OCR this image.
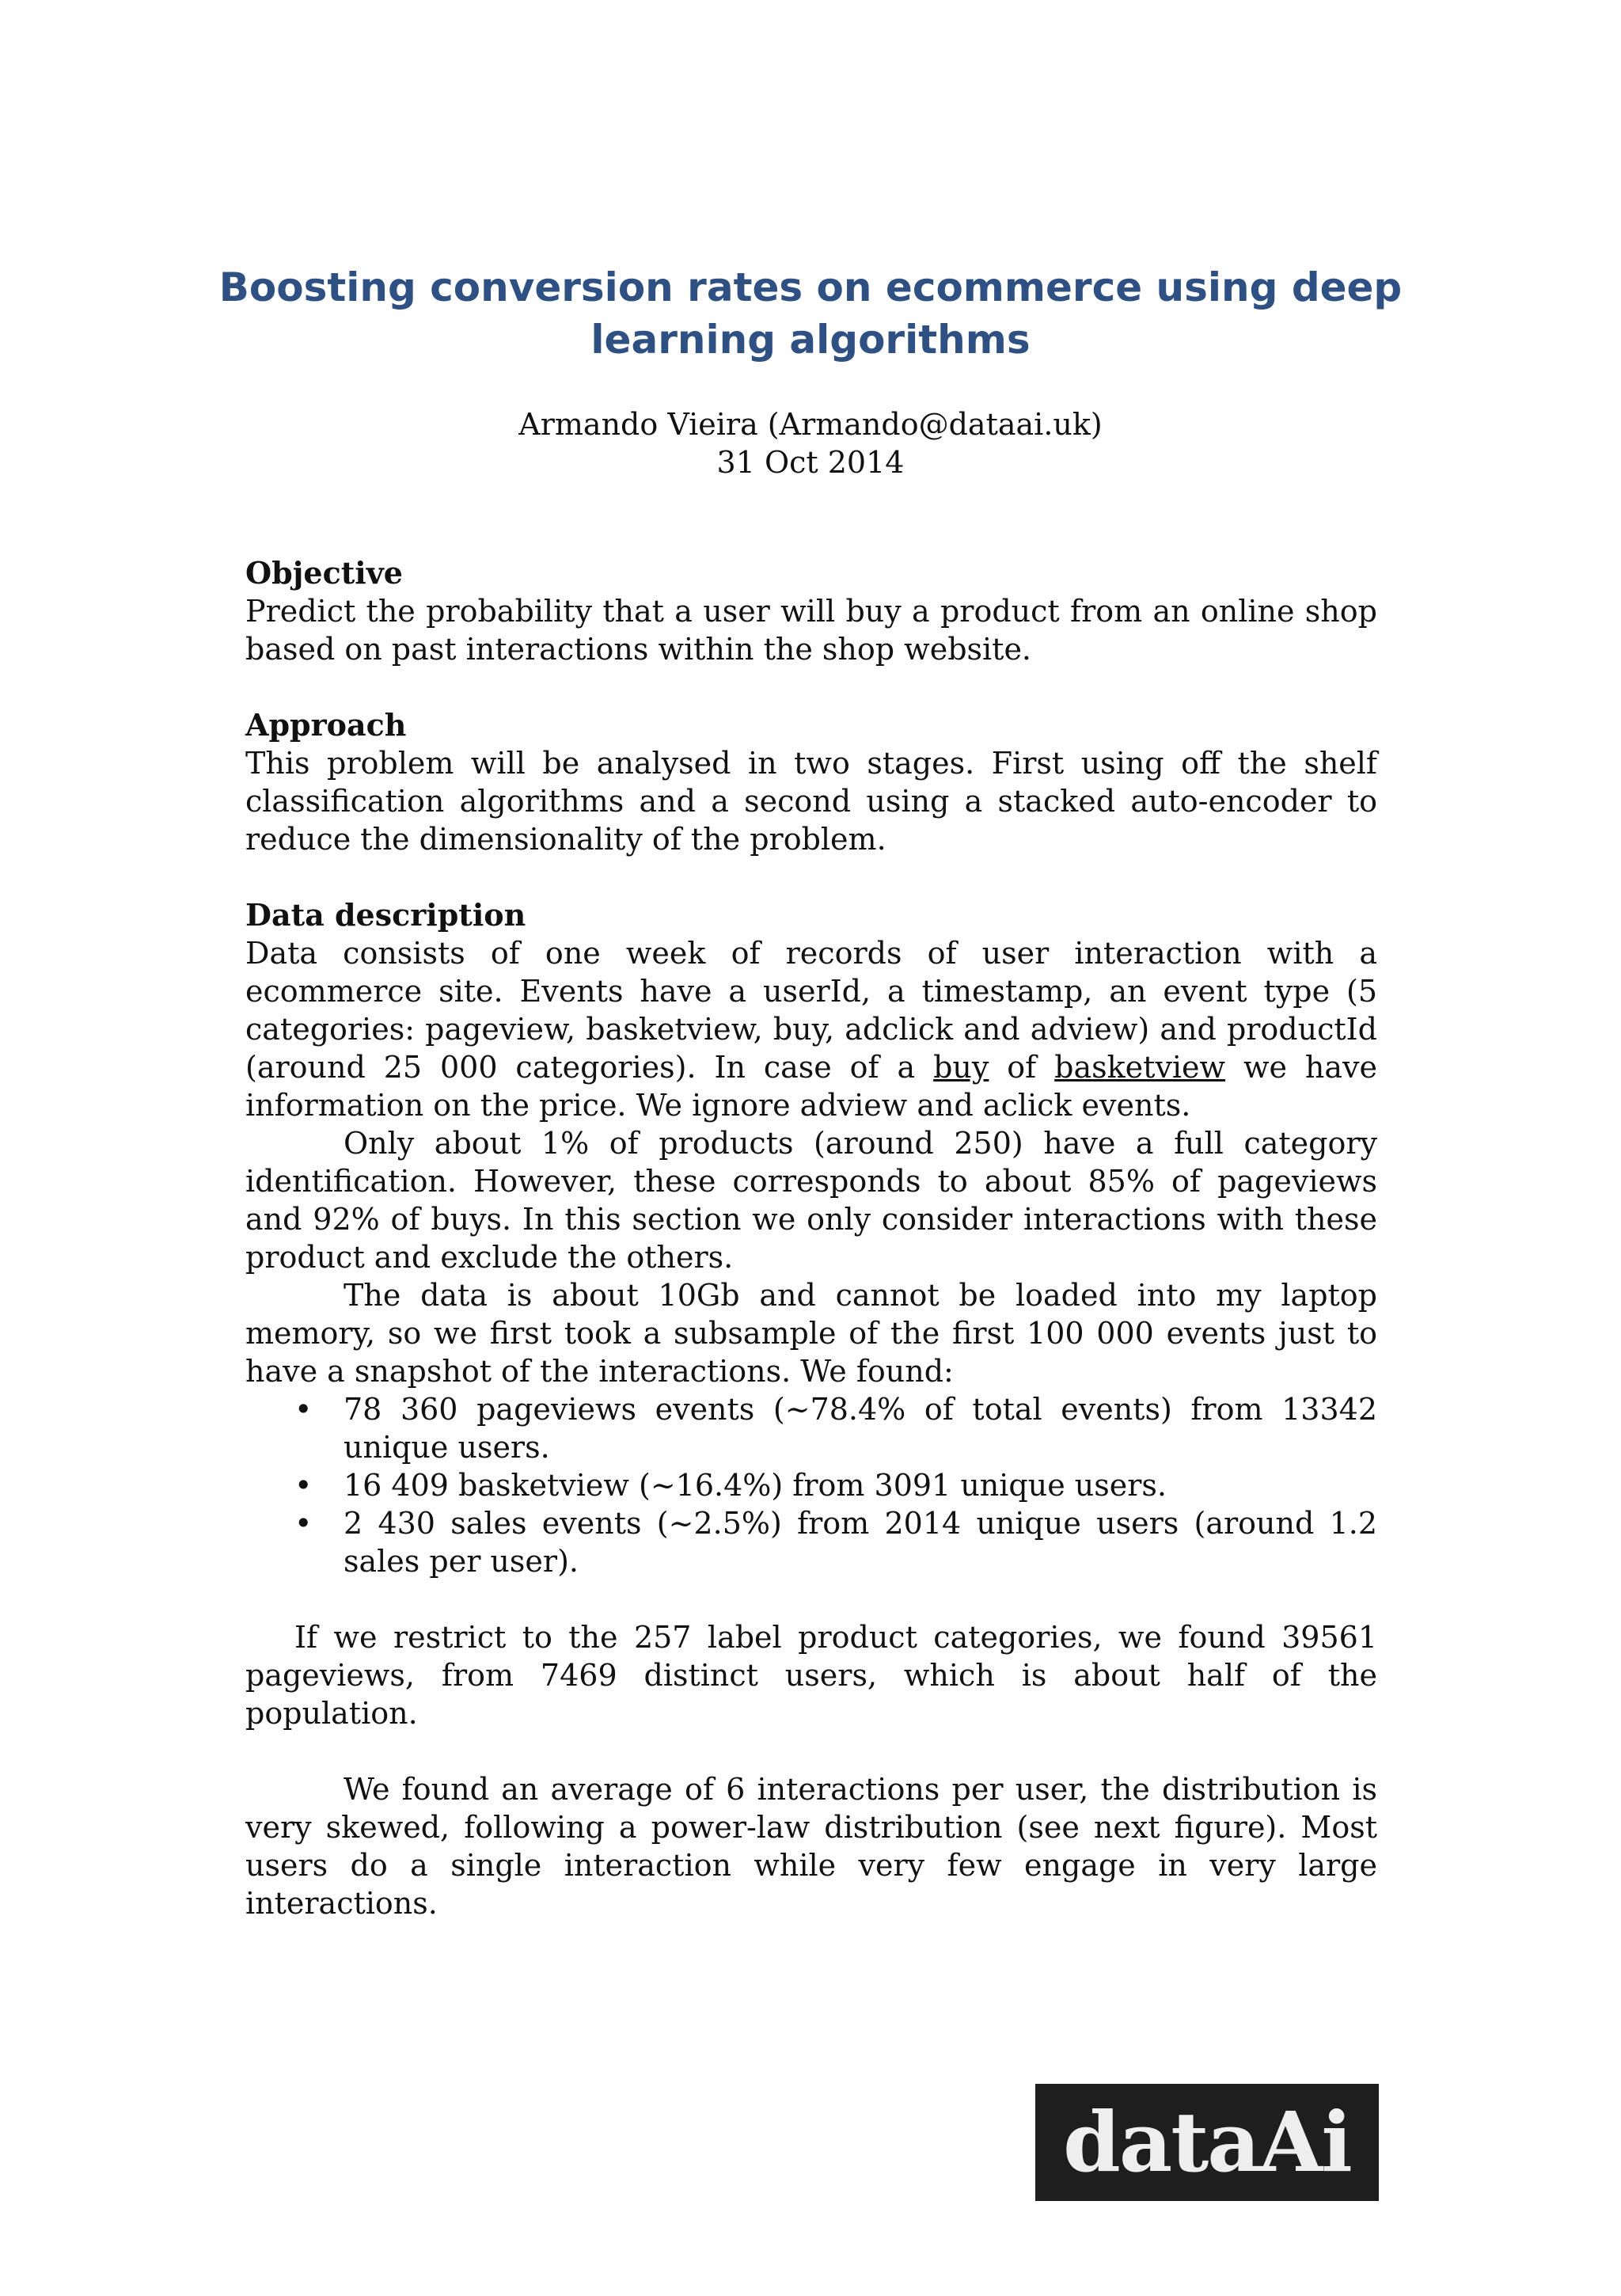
Boosting conversion rates on ecommerce using deep learning algorithms
Armando Vieira (Armando@dataai.uk)
31 Oct 2014
Objective

Predict the probability that a user will buy a product from an online shop based on past interactions within the shop website.

Approach

This problem will be analysed in two stages. First using off the shelf classification algorithms and a second using a stacked auto-encoder to reduce the dimensionality of the problem.

Data description

Data consists of one week of records of user interaction with a ecommerce site. Events have a userId, a timestamp, an event type (5 categories: pageview, basketview, buy, adclick and adview) and productId (around 25 000 categories). In case of a buy of basketview we have information on the price. We ignore adview and aclick events.

Only about 1% of products (around 250) have a full category identification. However, these corresponds to about 85% of pageviews and 92% of buys. In this section we only consider interactions with these product and exclude the others.

The data is about 10Gb and cannot be loaded into my laptop memory, so we first took a subsample of the first 100 000 events just to have a snapshot of the interactions. We found:

• 78 360 pageviews events (~78.4% of total events) from 13342 unique users.
• 16 409 basketview (~16.4%) from 3091 unique users.
• 2 430 sales events (~2.5%) from 2014 unique users (around 1.2 sales per user).

If we restrict to the 257 label product categories, we found 39561 pageviews, from 7469 distinct users, which is about half of the population.

We found an average of 6 interactions per user, the distribution is very skewed, following a power-law distribution (see next figure). Most users do a single interaction while very few engage in very large interactions.

dataAi
